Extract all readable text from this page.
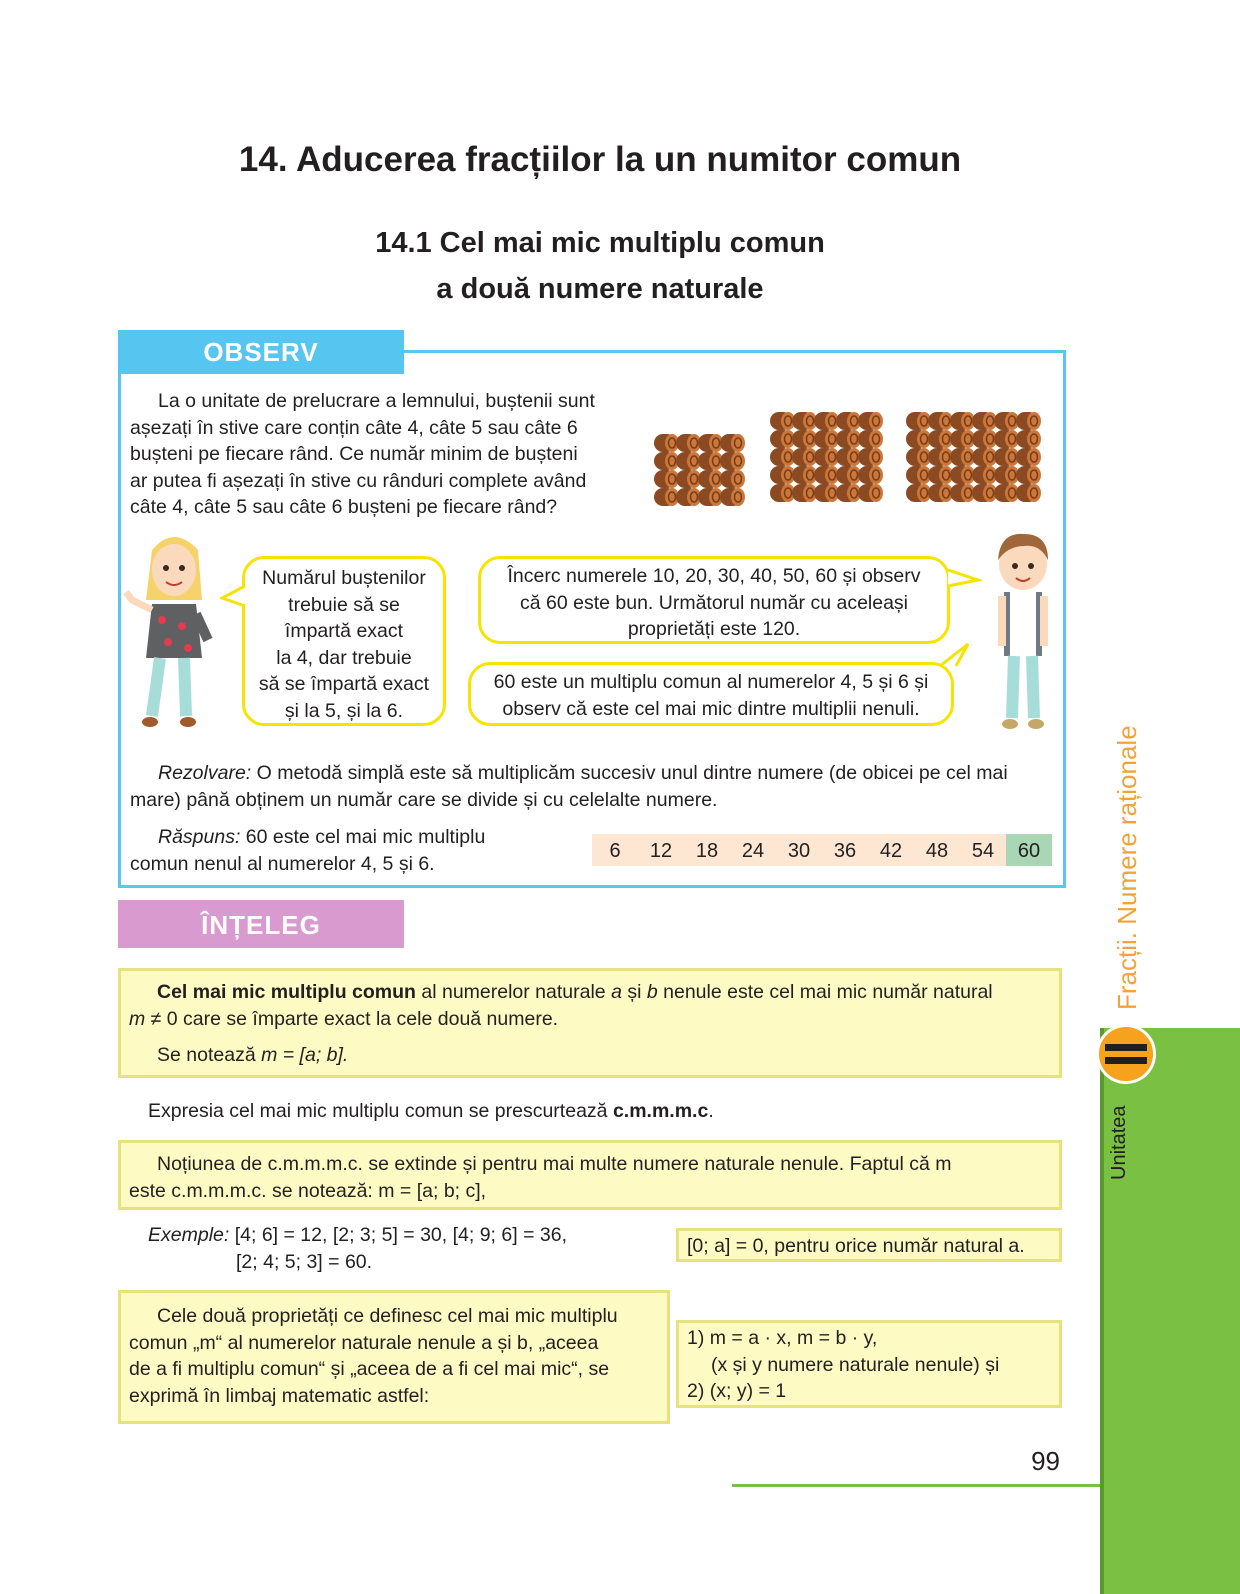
14. Aducerea fracțiilor la un numitor comun
14.1 Cel mai mic multiplu comun
a două numere naturale
OBSERV
La o unitate de prelucrare a lemnului, buștenii sunt
așezați în stive care conțin câte 4, câte 5 sau câte 6
bușteni pe fiecare rând. Ce număr minim de bușteni
ar putea fi așezați în stive cu rânduri complete având
câte 4, câte 5 sau câte 6 bușteni pe fiecare rând?
Numărul buștenilor
trebuie să se
împartă exact
la 4, dar trebuie
să se împartă exact
și la 5, și la 6.
Încerc numerele 10, 20, 30, 40, 50, 60 și observ
că 60 este bun. Următorul număr cu aceleași
proprietăți este 120.
60 este un multiplu comun al numerelor 4, 5 și 6 și
observ că este cel mai mic dintre multiplii nenuli.
Rezolvare: O metodă simplă este să multiplicăm succesiv unul dintre numere (de obicei pe cel mai mare) până obținem un număr care se divide și cu celelalte numere.
Răspuns: 60 este cel mai mic multiplu
comun nenul al numerelor 4, 5 și 6.
6	12	18	24	30	36	42	48	54	60
ÎNȚELEG
Cel mai mic multiplu comun al numerelor naturale a și b nenule este cel mai mic număr natural
m ≠ 0 care se împarte exact la cele două numere.
Se notează m = [a; b].
Expresia cel mai mic multiplu comun se prescurtează c.m.m.m.c.
Noțiunea de c.m.m.m.c. se extinde și pentru mai multe numere naturale nenule. Faptul că m
este c.m.m.m.c. se notează: m = [a; b; c],
Exemple: [4; 6] = 12, [2; 3; 5] = 30, [4; 9; 6] = 36,
[2; 4; 5; 3] = 60.
[0; a] = 0, pentru orice număr natural a.
Cele două proprietăți ce definesc cel mai mic multiplu
comun „m“ al numerelor naturale nenule a și b, „aceea
de a fi multiplu comun“ și „aceea de a fi cel mai mic“, se
exprimă în limbaj matematic astfel:
1) m = a · x, m = b · y,
(x și y numere naturale nenule) și
2) (x; y) = 1
99
Unitatea
Fracții. Numere raționale
